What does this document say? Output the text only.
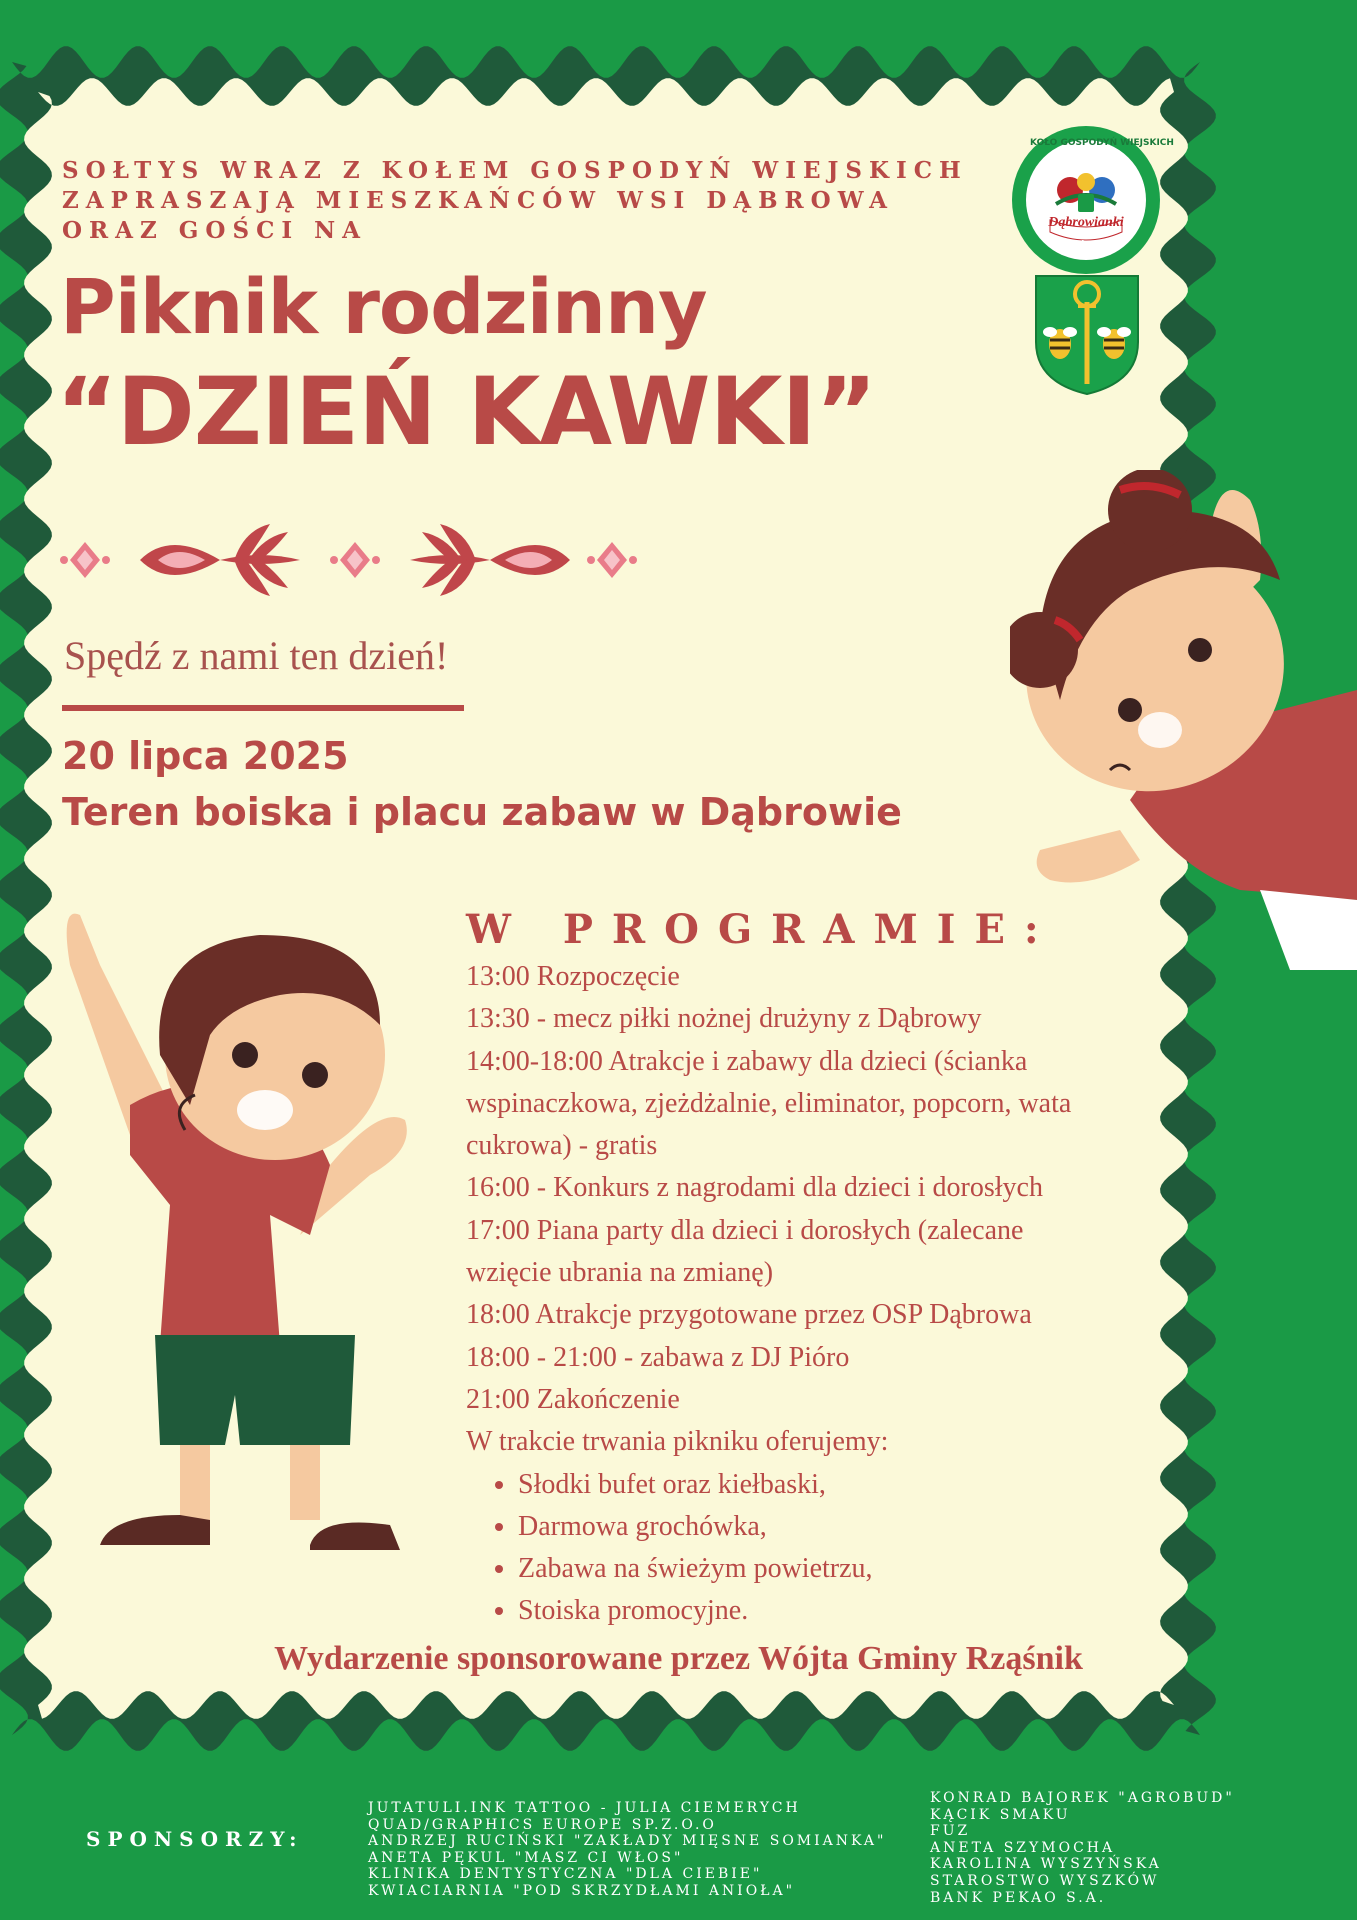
SOŁTYS WRAZ Z KOŁEM GOSPODYŃ WIEJSKICH
ZAPRASZAJĄ MIESZKAŃCÓW WSI DĄBROWA
ORAZ GOŚCI NA
Piknik rodzinny
“DZIEŃ KAWKI”
Spędź z nami ten dzień!
20 lipca 2025
Teren boiska i placu zabaw w Dąbrowie
KOŁO GOSPODYŃ WIEJSKICH
Dąbrowianki
w Dąbrowie
W PROGRAMIE:
13:00 Rozpoczęcie
13:30 - mecz piłki nożnej drużyny z Dąbrowy
14:00-18:00 Atrakcje i zabawy dla dzieci (ścianka
wspinaczkowa, zjeżdżalnie, eliminator, popcorn, wata
cukrowa) - gratis
16:00 - Konkurs z nagrodami dla dzieci i dorosłych
17:00 Piana party dla dzieci i dorosłych (zalecane
wzięcie ubrania na zmianę)
18:00 Atrakcje przygotowane przez OSP Dąbrowa
18:00 - 21:00 - zabawa z DJ Pióro
21:00 Zakończenie
W trakcie trwania pikniku oferujemy:
• Słodki bufet oraz kiełbaski,
• Darmowa grochówka,
• Zabawa na świeżym powietrzu,
• Stoiska promocyjne.
Wydarzenie sponsorowane przez Wójta Gminy Rząśnik
SPONSORZY:
JUTATULI.INK TATTOO - JULIA CIEMERYCH
QUAD/GRAPHICS EUROPE SP.Z.O.O
ANDRZEJ RUCIŃSKI "ZAKŁADY MIĘSNE SOMIANKA"
ANETA PĘKUL "MASZ CI WŁOS"
KLINIKA DENTYSTYCZNA "DLA CIEBIE"
KWIACIARNIA "POD SKRZYDŁAMI ANIOŁA"
KONRAD BAJOREK "AGROBUD"
KĄCIK SMAKU
FUZ
ANETA SZYMOCHA
KAROLINA WYSZYŃSKA
STAROSTWO WYSZKÓW
BANK PEKAO S.A.
